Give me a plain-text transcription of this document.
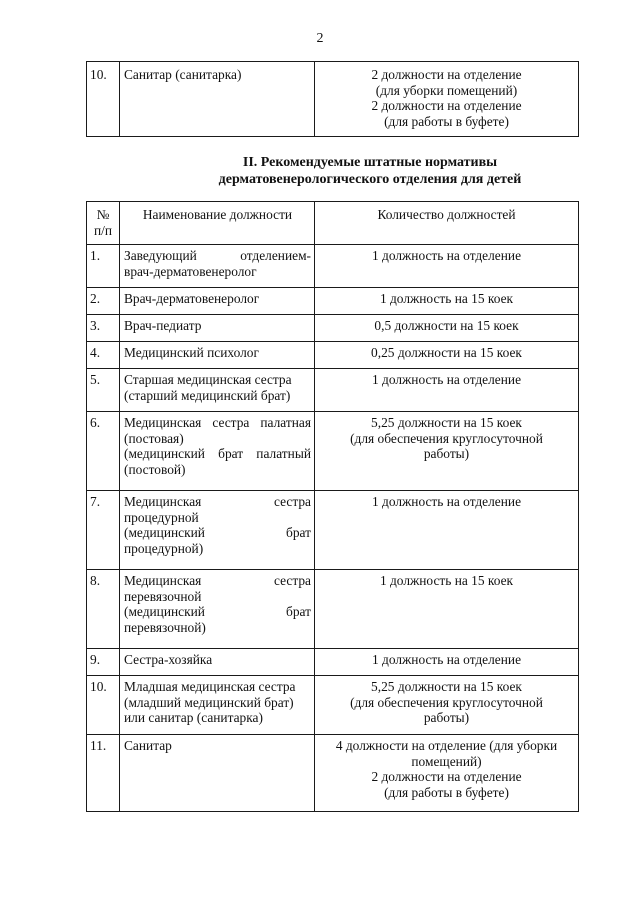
2
10.	Санитар (санитарка)	2 должности на отделение
(для уборки помещений)
2 должности на отделение
(для работы в буфете)
II. Рекомендуемые штатные нормативы
дерматовенерологического отделения для детей
№
п/п	Наименование должности	Количество должностей
1.	Заведующий отделением-
врач-дерматовенеролог	1 должность на отделение

2.	Врач-дерматовенеролог	1 должность на 15 коек

3.	Врач-педиатр	0,5 должности на 15 коек

4.	Медицинский психолог	0,25 должности на 15 коек

5.	Старшая медицинская сестра
(старший медицинский брат)	1 должность на отделение

6.	Медицинская сестра палатная
(постовая)
(медицинский брат палатный
(постовой)	5,25 должности на 15 коек
(для обеспечения круглосуточной
работы)

7.	Медицинская сестра
процедурной
(медицинский брат
процедурной)	1 должность на отделение

8.	Медицинская сестра
перевязочной
(медицинский брат
перевязочной)	1 должность на 15 коек

9.	Сестра-хозяйка	1 должность на отделение

10.	Младшая медицинская сестра
(младший медицинский брат)
или санитар (санитарка)	5,25 должности на 15 коек
(для обеспечения круглосуточной
работы)

11.	Санитар	4 должности на отделение (для уборки
помещений)
2 должности на отделение
(для работы в буфете)
